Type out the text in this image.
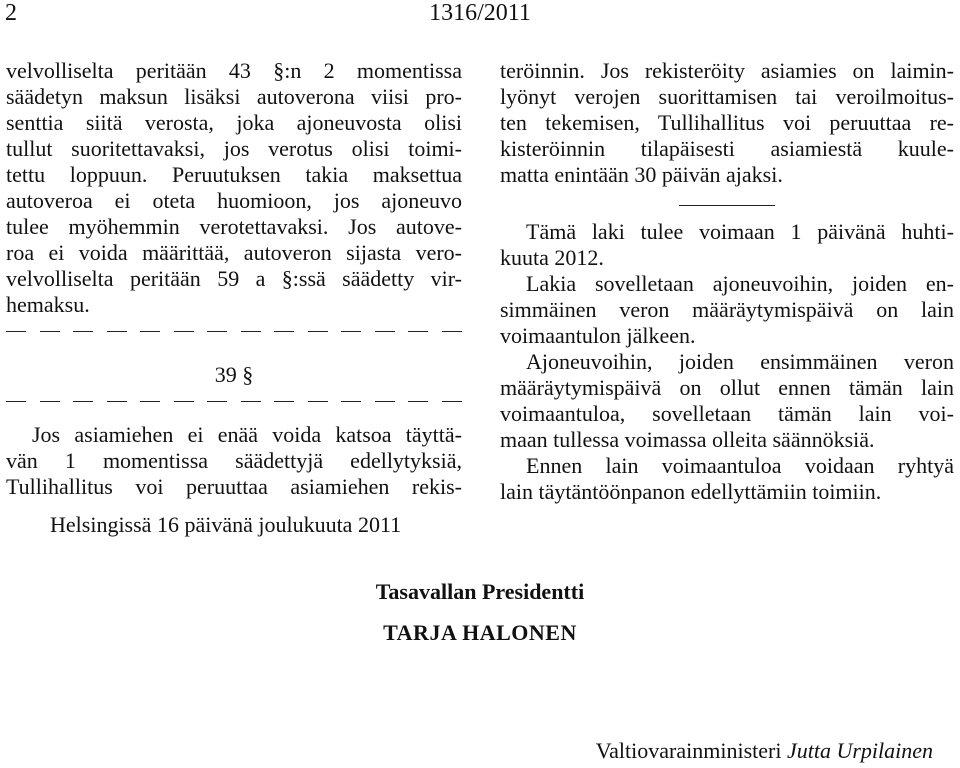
2	1316/2011
velvolliselta peritään 43 §:n 2 momentissa
säädetyn maksun lisäksi autoverona viisi pro-
senttia siitä verosta, joka ajoneuvosta olisi
tullut suoritettavaksi, jos verotus olisi toimi-
tettu loppuun. Peruutuksen takia maksettua
autoveroa ei oteta huomioon, jos ajoneuvo
tulee myöhemmin verotettavaksi. Jos autove-
roa ei voida määrittää, autoveron sijasta vero-
velvolliselta peritään 59 a §:ssä säädetty vir-
hemaksu.
39 §
Jos asiamiehen ei enää voida katsoa täyttä-
vän 1 momentissa säädettyjä edellytyksiä,
Tullihallitus voi peruuttaa asiamiehen rekis-
teröinnin. Jos rekisteröity asiamies on laimin-
lyönyt verojen suorittamisen tai veroilmoitus-
ten tekemisen, Tullihallitus voi peruuttaa re-
kisteröinnin tilapäisesti asiamiestä kuule-
matta enintään 30 päivän ajaksi.
Tämä laki tulee voimaan 1 päivänä huhti-
kuuta 2012.
Lakia sovelletaan ajoneuvoihin, joiden en-
simmäinen veron määräytymispäivä on lain
voimaantulon jälkeen.
Ajoneuvoihin, joiden ensimmäinen veron
määräytymispäivä on ollut ennen tämän lain
voimaantuloa, sovelletaan tämän lain voi-
maan tullessa voimassa olleita säännöksiä.
Ennen lain voimaantuloa voidaan ryhtyä
lain täytäntöönpanon edellyttämiin toimiin.
Helsingissä 16 päivänä joulukuuta 2011
Tasavallan Presidentti
TARJA HALONEN
Valtiovarainministeri Jutta Urpilainen
